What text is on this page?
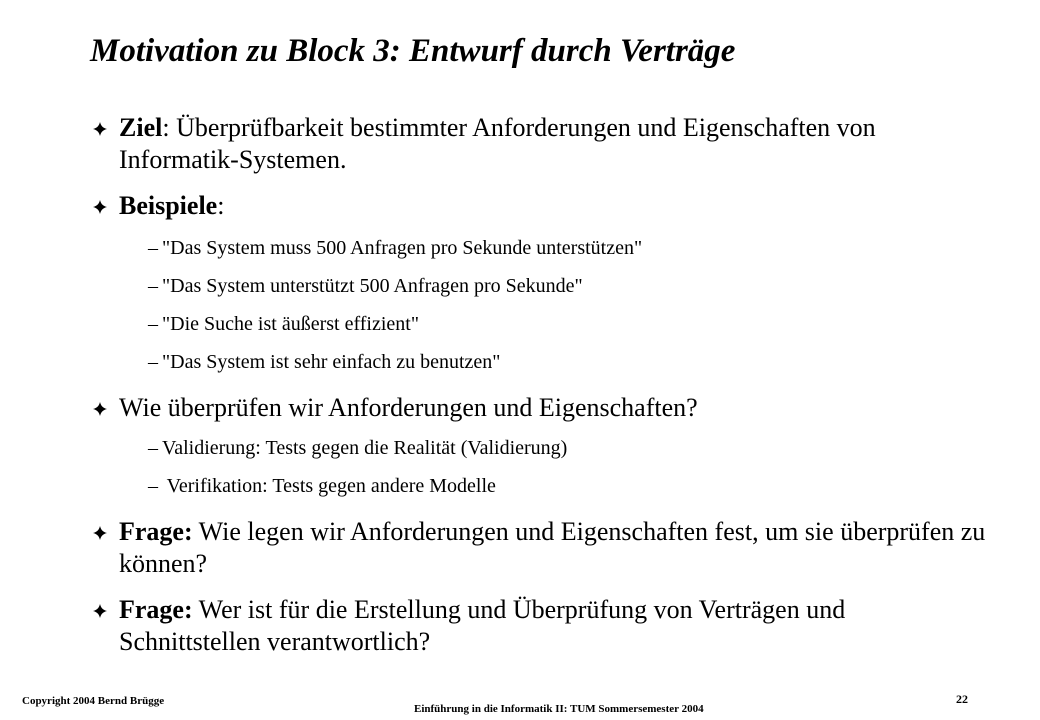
Motivation zu Block 3: Entwurf durch Verträge
Ziel: Überprüfbarkeit bestimmter Anforderungen und Eigenschaften von Informatik-Systemen.
Beispiele:
– "Das System muss 500 Anfragen pro Sekunde unterstützen"
– "Das System unterstützt 500 Anfragen pro Sekunde"
– "Die Suche ist äußerst effizient"
– "Das System ist sehr einfach zu benutzen"
Wie überprüfen wir Anforderungen und Eigenschaften?
– Validierung: Tests gegen die Realität (Validierung)
– Verifikation: Tests gegen andere Modelle
Frage: Wie legen wir Anforderungen und Eigenschaften fest, um sie überprüfen zu können?
Frage: Wer ist für die Erstellung und Überprüfung von Verträgen und Schnittstellen verantwortlich?
Copyright 2004 Bernd Brügge
Einführung in die Informatik II: TUM Sommersemester 2004
22
